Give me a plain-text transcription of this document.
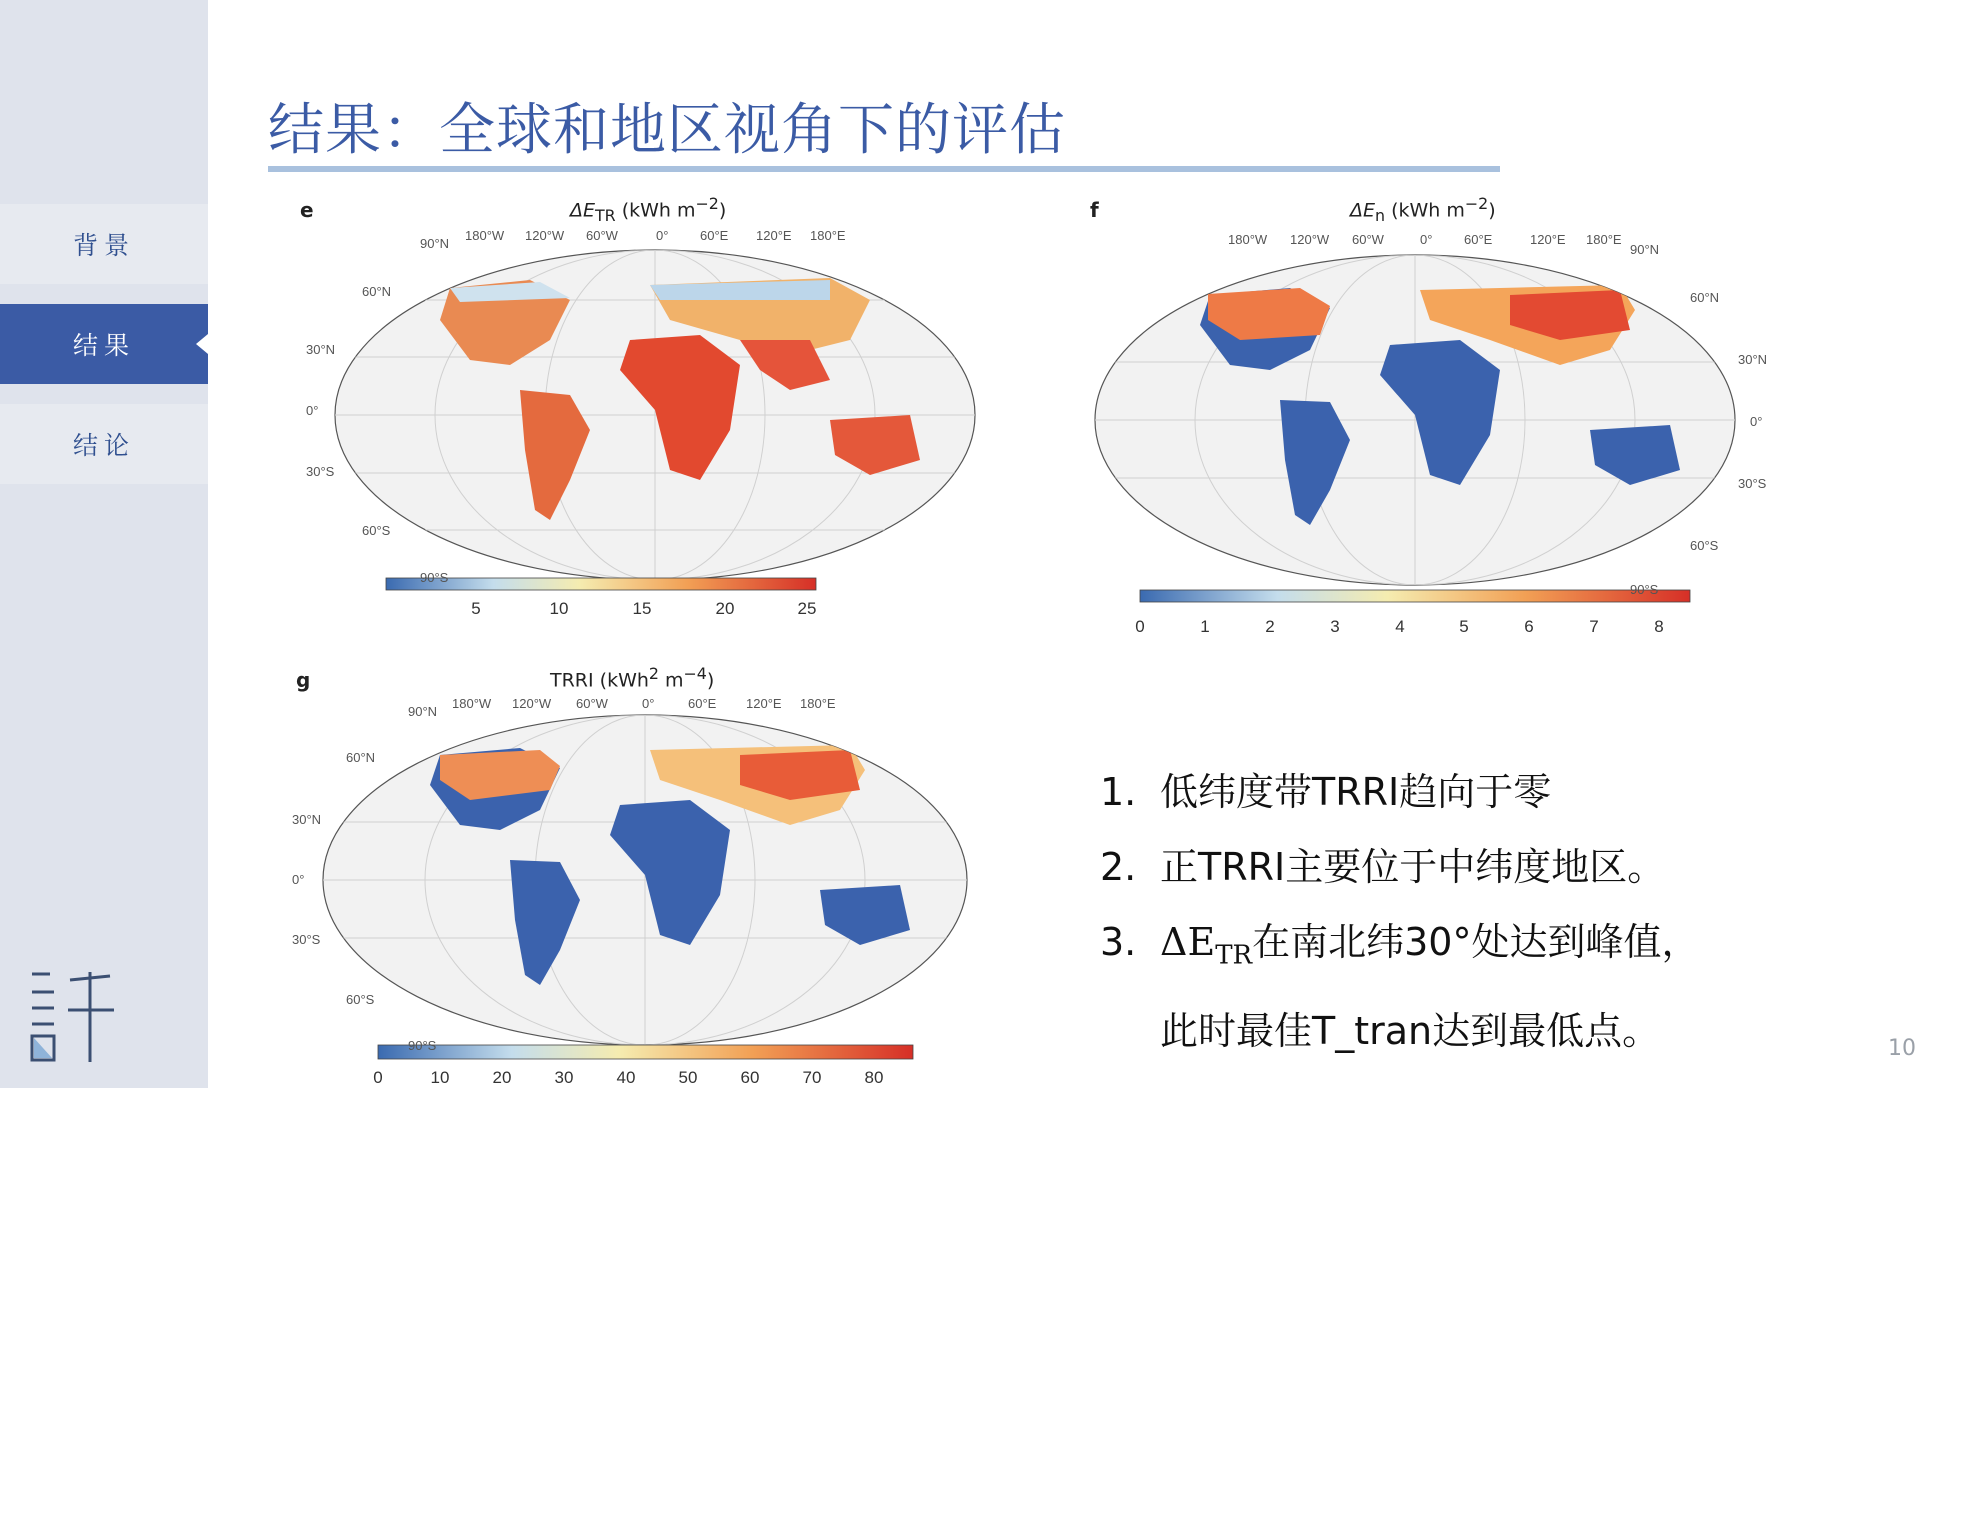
背景
结果
结论
结果：全球和地区视角下的评估
e	$\Delta E_{TR}$ (kWh $m^{-2}$)
5	10	15	20	25
90°N
60°N
30°N
0°
30°S
60°S
90°S
180°W 120°W 60°W	0° 60°E 120°E 180°E
f	$\Delta E_n$ (kWh $m^{-2}$)
0	1	2	3	4	5	6	7	8
90°N
60°N
30°N
0°
30°S
60°S
90°S
180°W 120°W 60°W	0° 60°E	120°E 180°E
g	TRRI (kWh$^2$ $m^{-4}$)
0	10	20	30	40	50	60	70	80
90°N
60°N
30°N
0°
30°S
60°S
90°S
180°W 120°W 60°W	0°	60°E 120°E 180°E
1. 低纬度带TRRI趋向于零
2. 正TRRI主要位于中纬度地区。
3. $\Delta E_{TR}$在南北纬30°处达到峰值，
此时最佳T_tran达到最低点。	10
